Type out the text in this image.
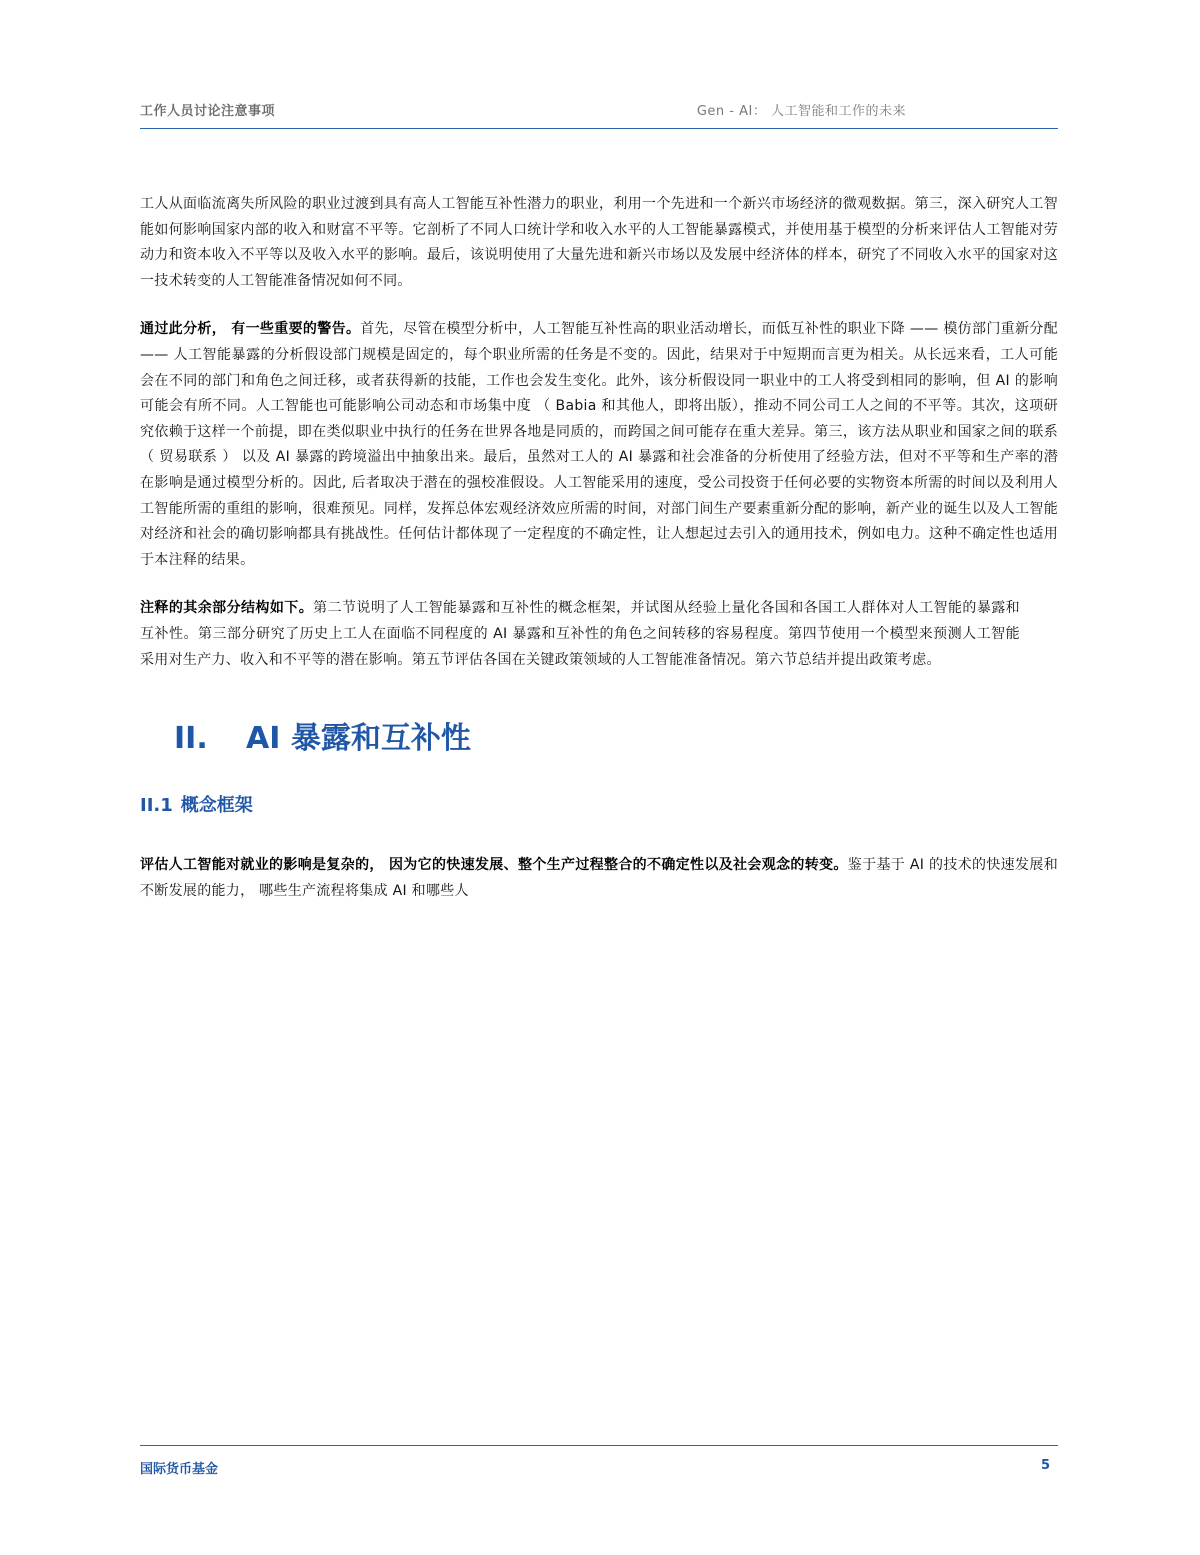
工作人员讨论注意事项	Gen - AI： 人工智能和工作的未来

工人从面临流离失所风险的职业过渡到具有高人工智能互补性潜力的职业，利用一个先进和一个新兴市场经济的微观数据。第三，深入研究人工智能如何影响国家内部的收入和财富不平等。它剖析了不同人口统计学和收入水平的人工智能暴露模式，并使用基于模型的分析来评估人工智能对劳动力和资本收入不平等以及收入水平的影响。最后，该说明使用了大量先进和新兴市场以及发展中经济体的样本，研究了不同收入水平的国家对这一技术转变的人工智能准备情况如何不同。

通过此分析， 有一些重要的警告。首先，尽管在模型分析中，人工智能互补性高的职业活动增长，而低互补性的职业下降 —— 模仿部门重新分配 —— 人工智能暴露的分析假设部门规模是固定的，每个职业所需的任务是不变的。因此，结果对于中短期而言更为相关。从长远来看，工人可能会在不同的部门和角色之间迁移，或者获得新的技能，工作也会发生变化。此外，该分析假设同一职业中的工人将受到相同的影响，但 AI 的影响可能会有所不同。人工智能也可能影响公司动态和市场集中度 （ Babia 和其他人，即将出版），推动不同公司工人之间的不平等。其次，这项研究依赖于这样一个前提，即在类似职业中执行的任务在世界各地是同质的，而跨国之间可能存在重大差异。第三，该方法从职业和国家之间的联系 （ 贸易联系 ） 以及 AI 暴露的跨境溢出中抽象出来。最后，虽然对工人的 AI 暴露和社会准备的分析使用了经验方法，但对不平等和生产率的潜在影响是通过模型分析的。因此, 后者取决于潜在的强校准假设。人工智能采用的速度，受公司投资于任何必要的实物资本所需的时间以及利用人工智能所需的重组的影响，很难预见。同样，发挥总体宏观经济效应所需的时间，对部门间生产要素重新分配的影响，新产业的诞生以及人工智能对经济和社会的确切影响都具有挑战性。任何估计都体现了一定程度的不确定性，让人想起过去引入的通用技术，例如电力。这种不确定性也适用于本注释的结果。

注释的其余部分结构如下。第二节说明了人工智能暴露和互补性的概念框架，并试图从经验上量化各国和各国工人群体对人工智能的暴露和互补性。第三部分研究了历史上工人在面临不同程度的 AI 暴露和互补性的角色之间转移的容易程度。第四节使用一个模型来预测人工智能采用对生产力、收入和不平等的潜在影响。第五节评估各国在关键政策领域的人工智能准备情况。第六节总结并提出政策考虑。

II. AI 暴露和互补性
II.1 概念框架

评估人工智能对就业的影响是复杂的， 因为它的快速发展、整个生产过程整合的不确定性以及社会观念的转变。鉴于基于 AI 的技术的快速发展和不断发展的能力， 哪些生产流程将集成 AI 和哪些人

国际货币基金	5
